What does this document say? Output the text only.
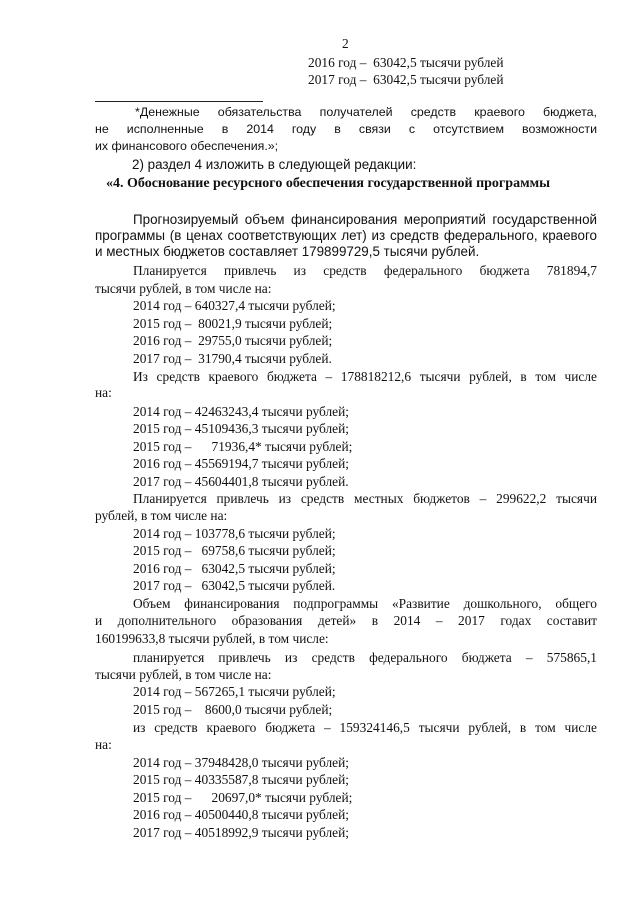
2
2016 год –  63042,5 тысячи рублей
2017 год –  63042,5 тысячи рублей
*Денежные обязательства получателей средств краевого бюджета,
не исполненные в 2014 году в связи с отсутствием возможности
их финансового обеспечения.»;
2) раздел 4 изложить в следующей редакции:
«4. Обоснование ресурсного обеспечения государственной программы
Прогнозируемый объем финансирования мероприятий государственной
программы (в ценах соответствующих лет) из средств федерального, краевого
и местных бюджетов составляет 179899729,5 тысячи рублей.
Планируется привлечь из средств федерального бюджета 781894,7
тысячи рублей, в том числе на:
2014 год – 640327,4 тысячи рублей;
2015 год –  80021,9 тысячи рублей;
2016 год –  29755,0 тысячи рублей;
2017 год –  31790,4 тысячи рублей.
Из средств краевого бюджета – 178818212,6 тысячи рублей, в том числе
на:
2014 год – 42463243,4 тысячи рублей;
2015 год – 45109436,3 тысячи рублей;
2015 год –      71936,4* тысячи рублей;
2016 год – 45569194,7 тысячи рублей;
2017 год – 45604401,8 тысячи рублей.
Планируется привлечь из средств местных бюджетов – 299622,2 тысячи
рублей, в том числе на:
2014 год – 103778,6 тысячи рублей;
2015 год –   69758,6 тысячи рублей;
2016 год –   63042,5 тысячи рублей;
2017 год –   63042,5 тысячи рублей.
Объем финансирования подпрограммы «Развитие дошкольного, общего
и дополнительного образования детей» в 2014 – 2017 годах составит
160199633,8 тысячи рублей, в том числе:
планируется привлечь из средств федерального бюджета – 575865,1
тысячи рублей, в том числе на:
2014 год – 567265,1 тысячи рублей;
2015 год –    8600,0 тысячи рублей;
из средств краевого бюджета – 159324146,5 тысячи рублей, в том числе
на:
2014 год – 37948428,0 тысячи рублей;
2015 год – 40335587,8 тысячи рублей;
2015 год –      20697,0* тысячи рублей;
2016 год – 40500440,8 тысячи рублей;
2017 год – 40518992,9 тысячи рублей;
